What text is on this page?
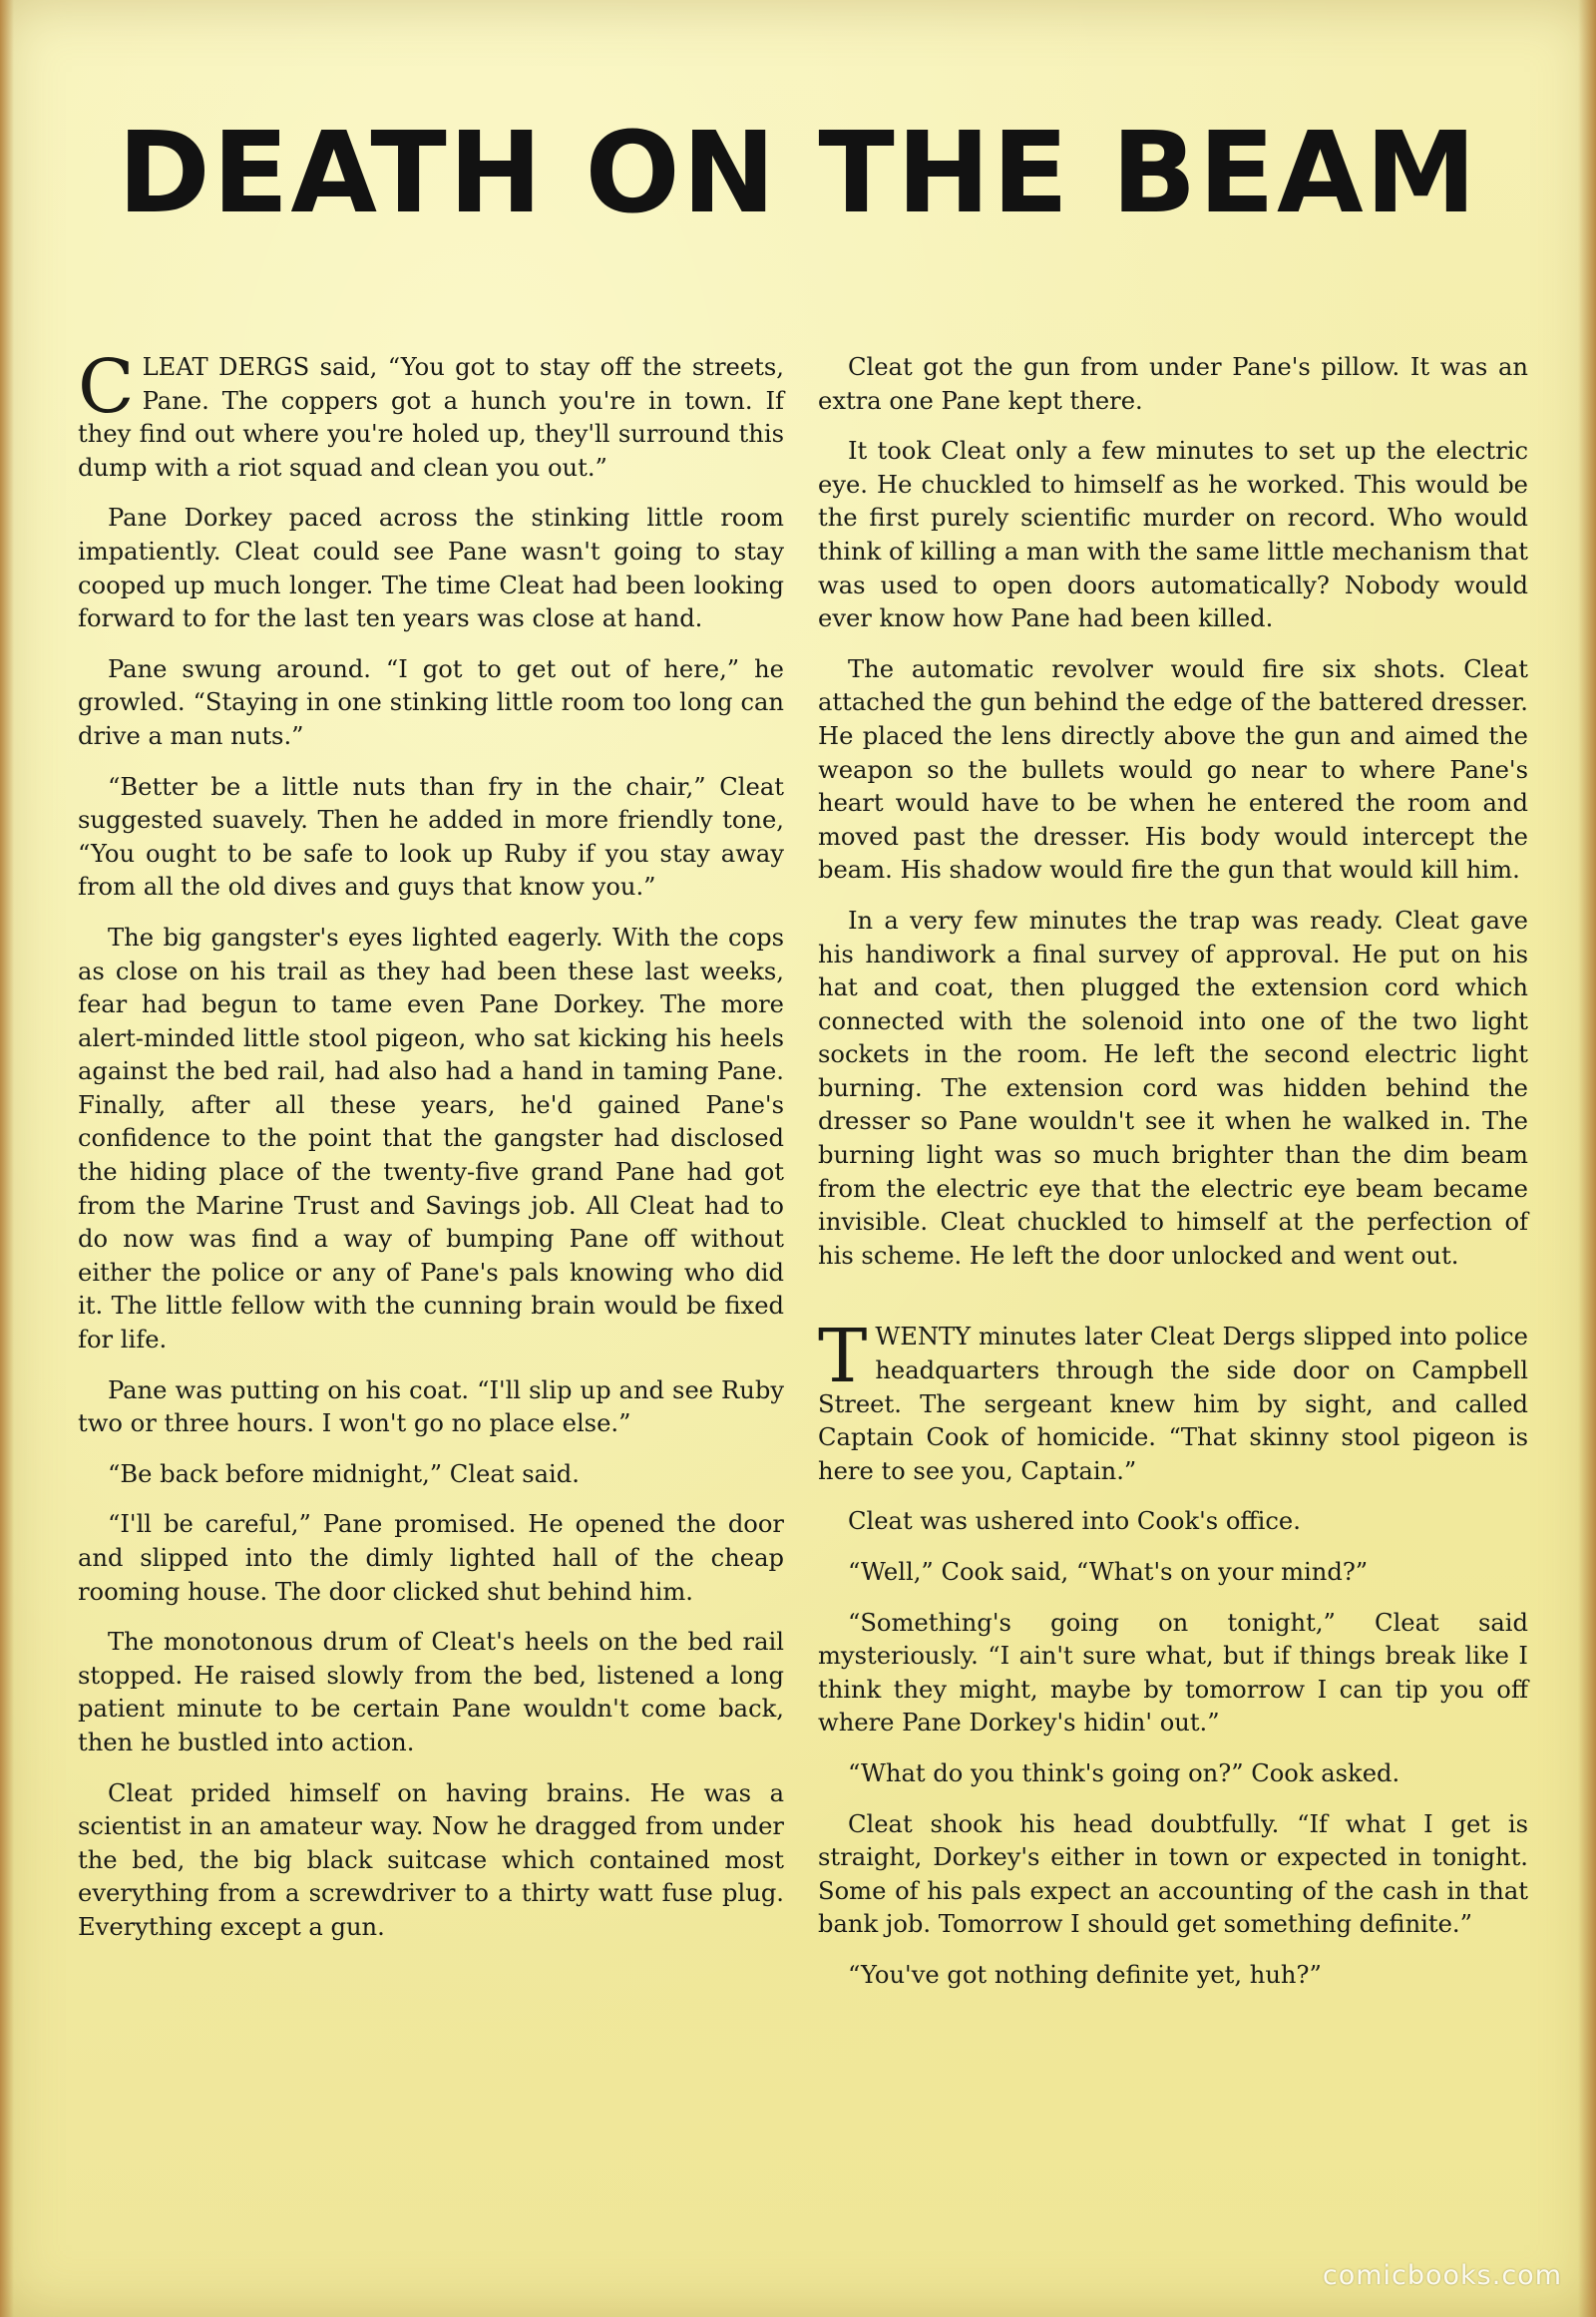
DEATH ON THE BEAM

CLEAT DERGS said, “You got to stay off the streets, Pane. The coppers got a hunch you're in town. If they find out where you're holed up, they'll surround this dump with a riot squad and clean you out.”

Pane Dorkey paced across the stinking little room impatiently. Cleat could see Pane wasn't going to stay cooped up much longer. The time Cleat had been looking forward to for the last ten years was close at hand.

Pane swung around. “I got to get out of here,” he growled. “Staying in one stinking little room too long can drive a man nuts.”

“Better be a little nuts than fry in the chair,” Cleat suggested suavely. Then he added in more friendly tone, “You ought to be safe to look up Ruby if you stay away from all the old dives and guys that know you.”

The big gangster's eyes lighted eagerly. With the cops as close on his trail as they had been these last weeks, fear had begun to tame even Pane Dorkey. The more alert-minded little stool pigeon, who sat kicking his heels against the bed rail, had also had a hand in taming Pane. Finally, after all these years, he'd gained Pane's confidence to the point that the gangster had disclosed the hiding place of the twenty-five grand Pane had got from the Marine Trust and Savings job. All Cleat had to do now was find a way of bumping Pane off without either the police or any of Pane's pals knowing who did it. The little fellow with the cunning brain would be fixed for life.

Pane was putting on his coat. “I'll slip up and see Ruby two or three hours. I won't go no place else.”

“Be back before midnight,” Cleat said.

“I'll be careful,” Pane promised. He opened the door and slipped into the dimly lighted hall of the cheap rooming house. The door clicked shut behind him.

The monotonous drum of Cleat's heels on the bed rail stopped. He raised slowly from the bed, listened a long patient minute to be certain Pane wouldn't come back, then he bustled into action.

Cleat prided himself on having brains. He was a scientist in an amateur way. Now he dragged from under the bed, the big black suitcase which contained most everything from a screwdriver to a thirty watt fuse plug. Everything except a gun.

Cleat got the gun from under Pane's pillow. It was an extra one Pane kept there.

It took Cleat only a few minutes to set up the electric eye. He chuckled to himself as he worked. This would be the first purely scientific murder on record. Who would think of killing a man with the same little mechanism that was used to open doors automatically? Nobody would ever know how Pane had been killed.

The automatic revolver would fire six shots. Cleat attached the gun behind the edge of the battered dresser. He placed the lens directly above the gun and aimed the weapon so the bullets would go near to where Pane's heart would have to be when he entered the room and moved past the dresser. His body would intercept the beam. His shadow would fire the gun that would kill him.

In a very few minutes the trap was ready. Cleat gave his handiwork a final survey of approval. He put on his hat and coat, then plugged the extension cord which connected with the solenoid into one of the two light sockets in the room. He left the second electric light burning. The extension cord was hidden behind the dresser so Pane wouldn't see it when he walked in. The burning light was so much brighter than the dim beam from the electric eye that the electric eye beam became invisible. Cleat chuckled to himself at the perfection of his scheme. He left the door unlocked and went out.

TWENTY minutes later Cleat Dergs slipped into police headquarters through the side door on Campbell Street. The sergeant knew him by sight, and called Captain Cook of homicide. “That skinny stool pigeon is here to see you, Captain.”

Cleat was ushered into Cook's office.

“Well,” Cook said, “What's on your mind?”

“Something's going on tonight,” Cleat said mysteriously. “I ain't sure what, but if things break like I think they might, maybe by tomorrow I can tip you off where Pane Dorkey's hidin' out.”

“What do you think's going on?” Cook asked.

Cleat shook his head doubtfully. “If what I get is straight, Dorkey's either in town or expected in tonight. Some of his pals expect an accounting of the cash in that bank job. Tomorrow I should get something definite.”

“You've got nothing definite yet, huh?”

comicbooks.com
